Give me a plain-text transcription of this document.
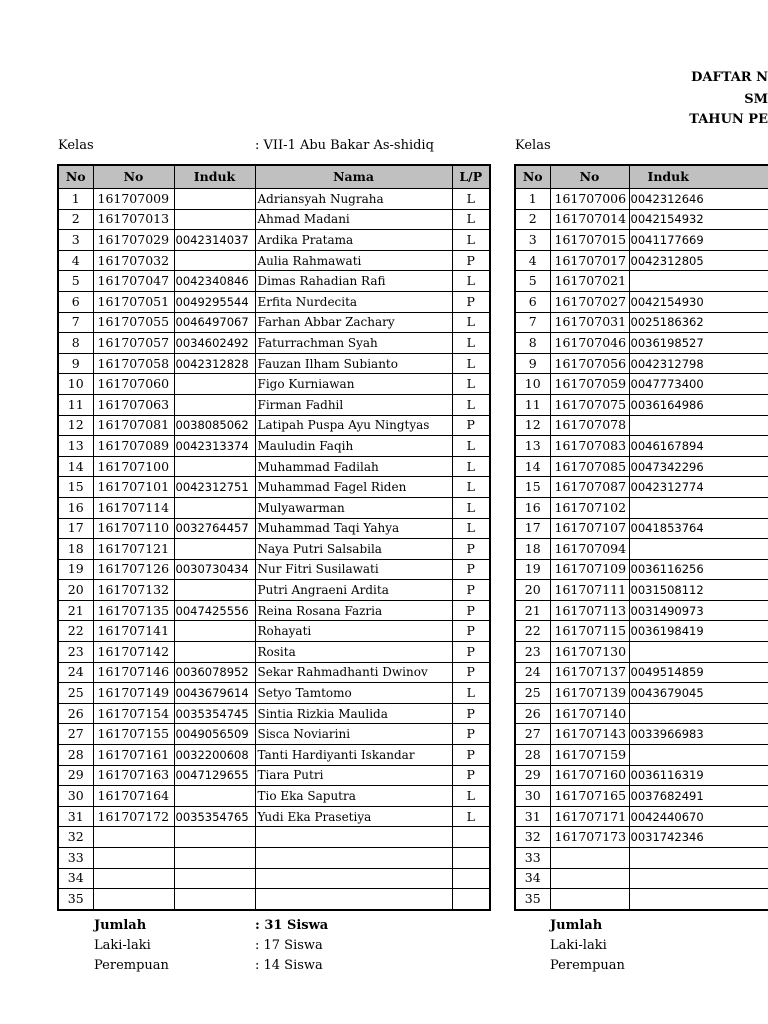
DAFTAR N
SM
TAHUN PE
Kelas	: VII-1 Abu Bakar As-shidiq	Kelas
No	No	Induk	Nama	L/P
1	161707009		Adriansyah Nugraha	L
2	161707013		Ahmad Madani	L
3	161707029	0042314037	Ardika Pratama	L
4	161707032		Aulia Rahmawati	P
5	161707047	0042340846	Dimas Rahadian Rafi	L
6	161707051	0049295544	Erfita Nurdecita	P
7	161707055	0046497067	Farhan Abbar Zachary	L
8	161707057	0034602492	Faturrachman Syah	L
9	161707058	0042312828	Fauzan Ilham Subianto	L
10	161707060		Figo Kurniawan	L
11	161707063		Firman Fadhil	L
12	161707081	0038085062	Latipah Puspa Ayu Ningtyas	P
13	161707089	0042313374	Mauludin Faqih	L
14	161707100		Muhammad Fadilah	L
15	161707101	0042312751	Muhammad Fagel Riden	L
16	161707114		Mulyawarman	L
17	161707110	0032764457	Muhammad Taqi Yahya	L
18	161707121		Naya Putri Salsabila	P
19	161707126	0030730434	Nur Fitri Susilawati	P
20	161707132		Putri Angraeni Ardita	P
21	161707135	0047425556	Reina Rosana Fazria	P
22	161707141		Rohayati	P
23	161707142		Rosita	P
24	161707146	0036078952	Sekar Rahmadhanti Dwinov	P
25	161707149	0043679614	Setyo Tamtomo	L
26	161707154	0035354745	Sintia Rizkia Maulida	P
27	161707155	0049056509	Sisca Noviarini	P
28	161707161	0032200608	Tanti Hardiyanti Iskandar	P
29	161707163	0047129655	Tiara Putri	P
30	161707164		Tio Eka Saputra	L
31	161707172	0035354765	Yudi Eka Prasetiya	L
32				
33				
34				
35				
No	No	Induk
1	161707006	0042312646
2	161707014	0042154932
3	161707015	0041177669
4	161707017	0042312805
5	161707021	
6	161707027	0042154930
7	161707031	0025186362
8	161707046	0036198527
9	161707056	0042312798
10	161707059	0047773400
11	161707075	0036164986
12	161707078	
13	161707083	0046167894
14	161707085	0047342296
15	161707087	0042312774
16	161707102	
17	161707107	0041853764
18	161707094	
19	161707109	0036116256
20	161707111	0031508112
21	161707113	0031490973
22	161707115	0036198419
23	161707130	
24	161707137	0049514859
25	161707139	0043679045
26	161707140	
27	161707143	0033966983
28	161707159	
29	161707160	0036116319
30	161707165	0037682491
31	161707171	0042440670
32	161707173	0031742346
33		
34		
35		
Jumlah	: 31 Siswa
Laki-laki	: 17 Siswa
Perempuan	: 14 Siswa
Jumlah
Laki-laki
Perempuan
